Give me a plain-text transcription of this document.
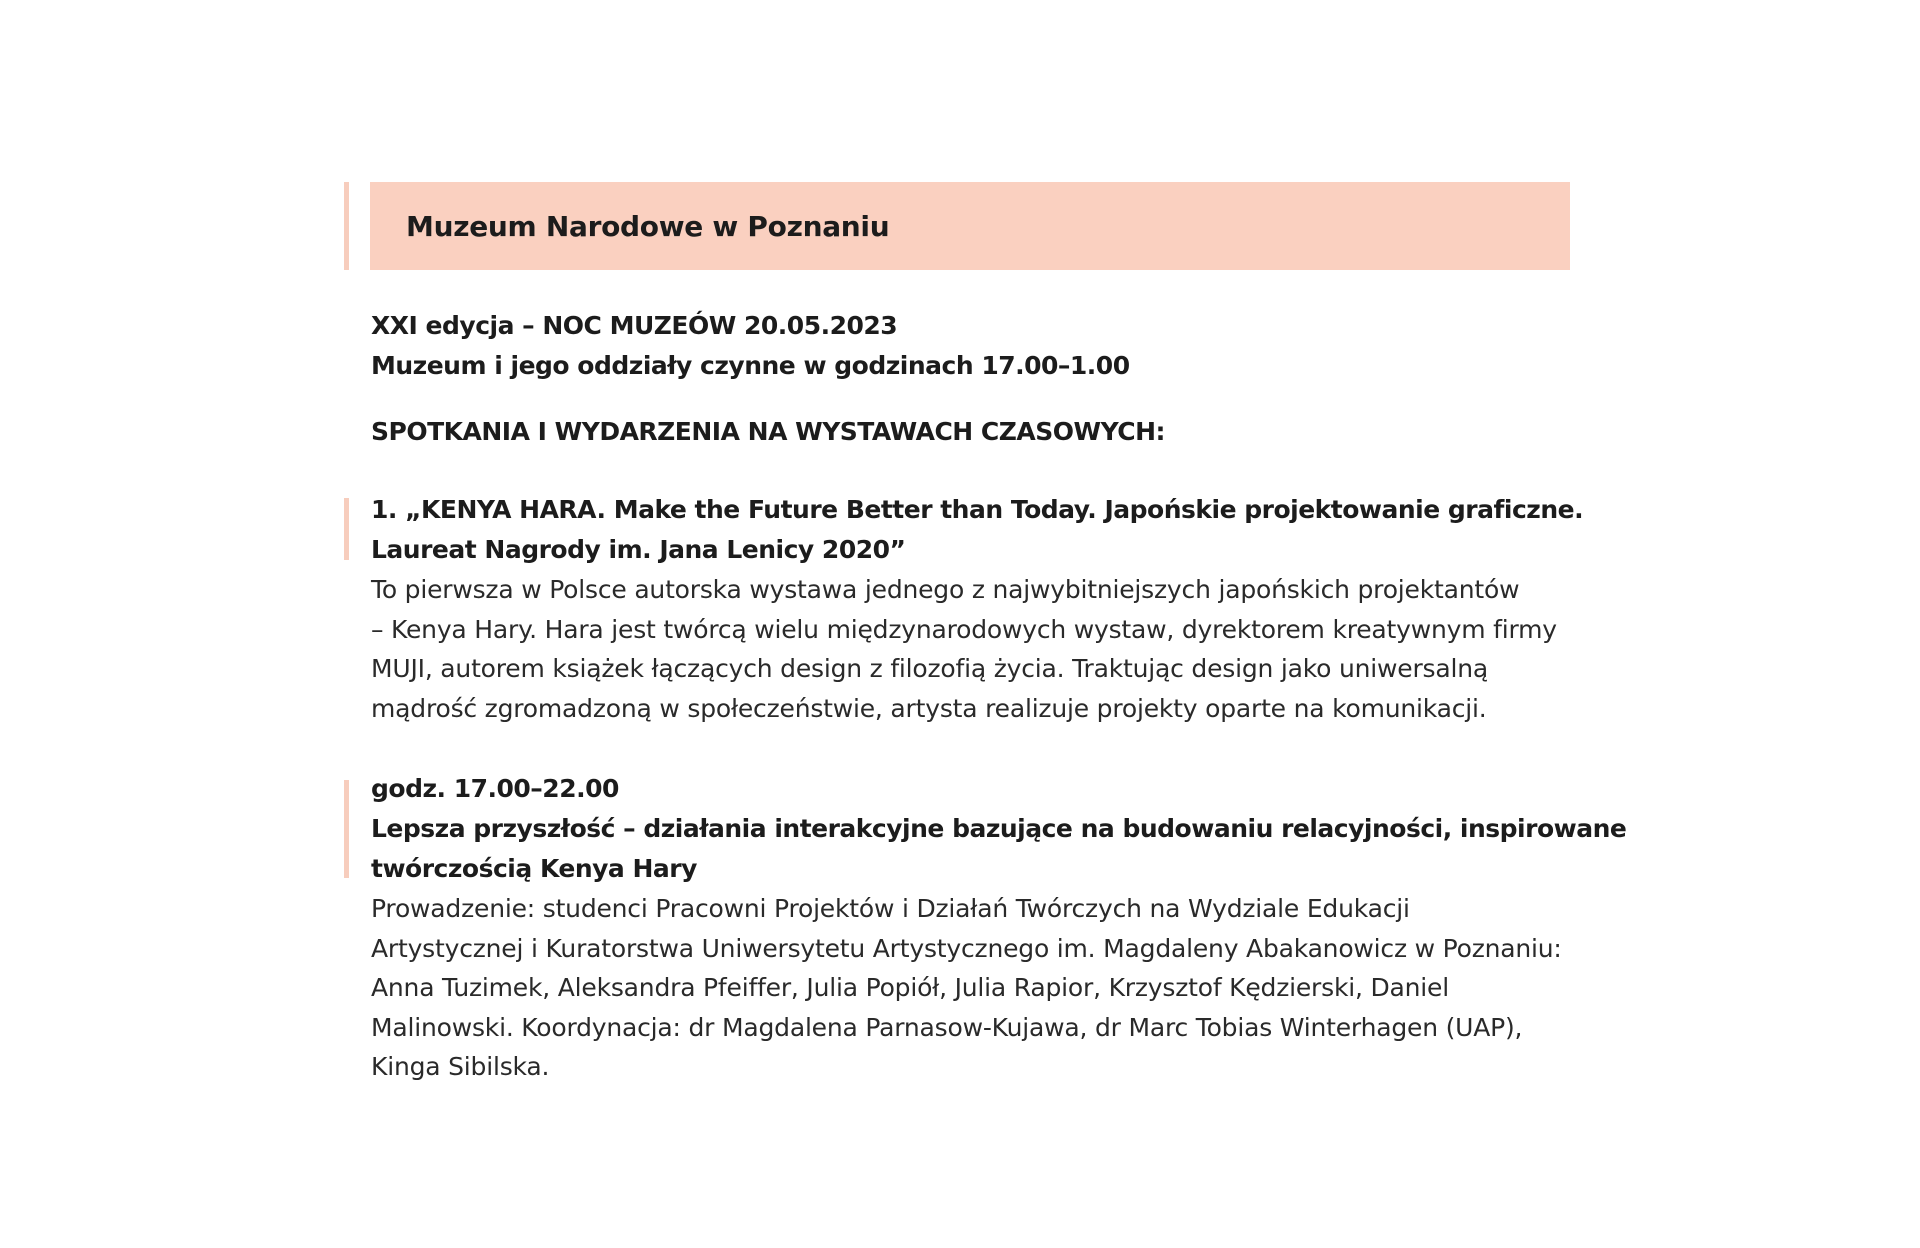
Muzeum Narodowe w Poznaniu
XXI edycja – NOC MUZEÓW 20.05.2023
Muzeum i jego oddziały czynne w godzinach 17.00–1.00
SPOTKANIA I WYDARZENIA NA WYSTAWACH CZASOWYCH:
1. „KENYA HARA. Make the Future Better than Today. Japońskie projektowanie graficzne.
Laureat Nagrody im. Jana Lenicy 2020”
To pierwsza w Polsce autorska wystawa jednego z najwybitniejszych japońskich projektantów
– Kenya Hary. Hara jest twórcą wielu międzynarodowych wystaw, dyrektorem kreatywnym firmy
MUJI, autorem książek łączących design z filozofią życia. Traktując design jako uniwersalną
mądrość zgromadzoną w społeczeństwie, artysta realizuje projekty oparte na komunikacji.
godz. 17.00–22.00
Lepsza przyszłość – działania interakcyjne bazujące na budowaniu relacyjności, inspirowane
twórczością Kenya Hary
Prowadzenie: studenci Pracowni Projektów i Działań Twórczych na Wydziale Edukacji
Artystycznej i Kuratorstwa Uniwersytetu Artystycznego im. Magdaleny Abakanowicz w Poznaniu:
Anna Tuzimek, Aleksandra Pfeiffer, Julia Popiół, Julia Rapior, Krzysztof Kędzierski, Daniel
Malinowski. Koordynacja: dr Magdalena Parnasow-Kujawa, dr Marc Tobias Winterhagen (UAP),
Kinga Sibilska.
